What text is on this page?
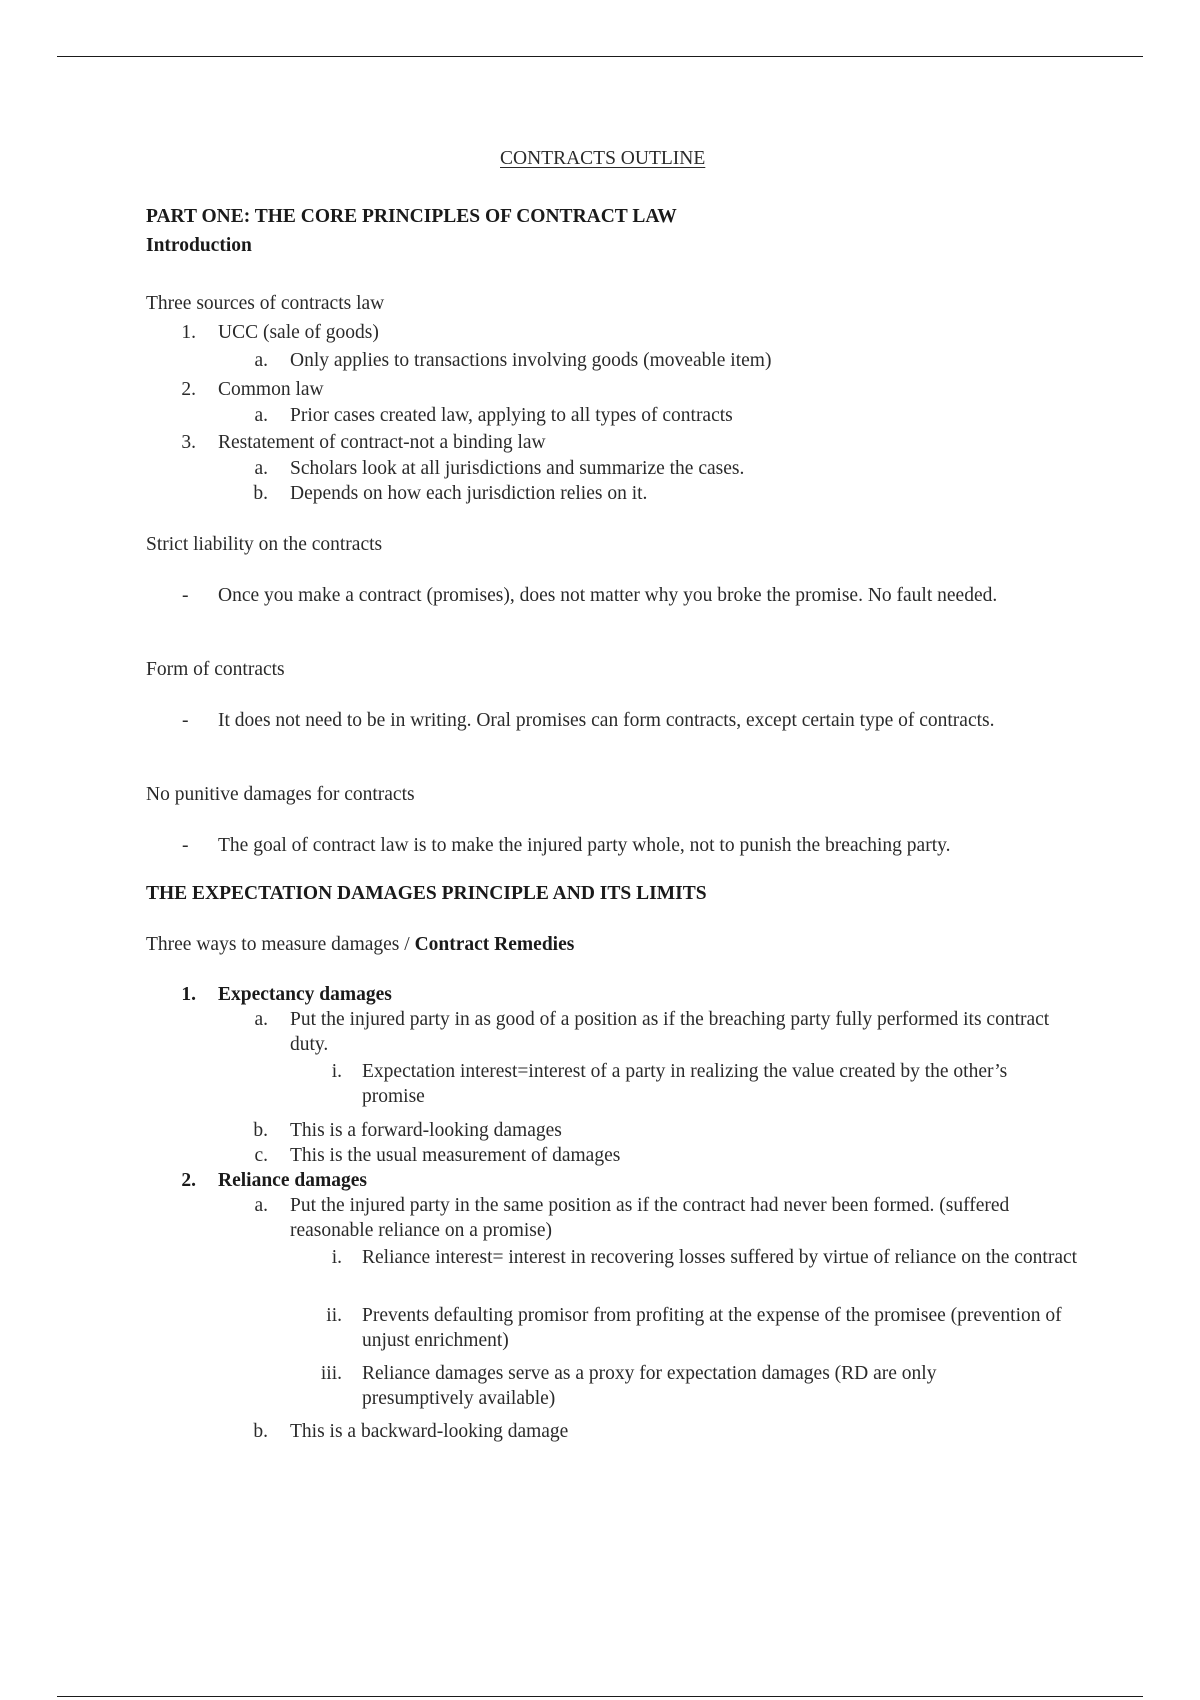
CONTRACTS OUTLINE
PART ONE: THE CORE PRINCIPLES OF CONTRACT LAW
Introduction
Three sources of contracts law
1. UCC (sale of goods)
a. Only applies to transactions involving goods (moveable item)
2. Common law
a. Prior cases created law, applying to all types of contracts
3. Restatement of contract-not a binding law
a. Scholars look at all jurisdictions and summarize the cases.
b. Depends on how each jurisdiction relies on it.
Strict liability on the contracts
- Once you make a contract (promises), does not matter why you broke the promise. No fault needed.
Form of contracts
- It does not need to be in writing. Oral promises can form contracts, except certain type of contracts.
No punitive damages for contracts
- The goal of contract law is to make the injured party whole, not to punish the breaching party.
THE EXPECTATION DAMAGES PRINCIPLE AND ITS LIMITS
Three ways to measure damages / Contract Remedies
1. Expectancy damages
a. Put the injured party in as good of a position as if the breaching party fully performed its contract duty.
i. Expectation interest=interest of a party in realizing the value created by the other’s promise
b. This is a forward-looking damages
c. This is the usual measurement of damages
2. Reliance damages
a. Put the injured party in the same position as if the contract had never been formed. (suffered reasonable reliance on a promise)
i. Reliance interest= interest in recovering losses suffered by virtue of reliance on the contract
ii. Prevents defaulting promisor from profiting at the expense of the promisee (prevention of unjust enrichment)
iii. Reliance damages serve as a proxy for expectation damages (RD are only presumptively available)
b. This is a backward-looking damage
